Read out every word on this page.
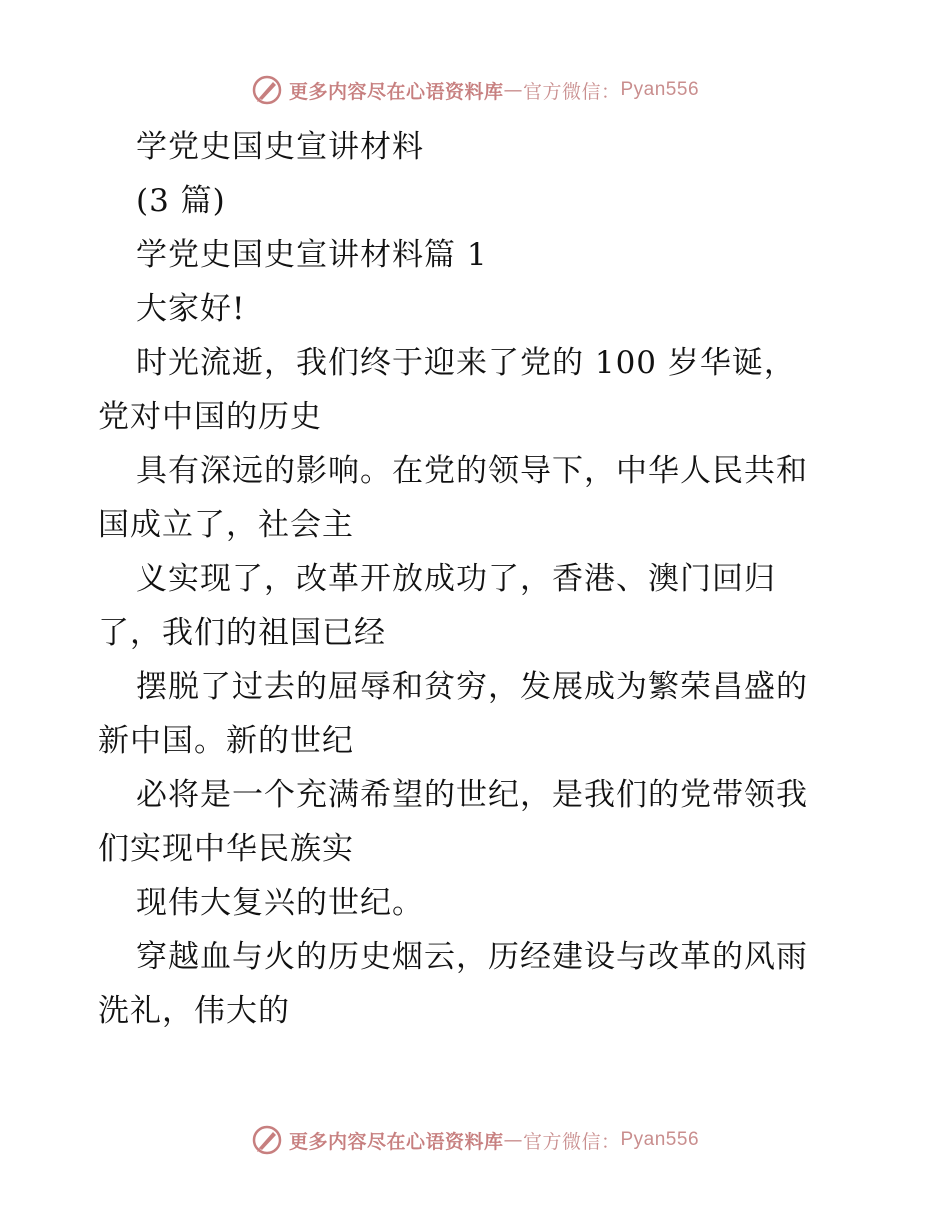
更多内容尽在心语资料库 — 官方微信： Pyan556
学党史国史宣讲材料
(3 篇)
学党史国史宣讲材料篇 1
大家好!
时光流逝，我们终于迎来了党的 100 岁华诞，
党对中国的历史
具有深远的影响。在党的领导下，中华人民共和
国成立了，社会主
义实现了，改革开放成功了，香港、澳门回归
了，我们的祖国已经
摆脱了过去的屈辱和贫穷，发展成为繁荣昌盛的
新中国。新的世纪
必将是一个充满希望的世纪，是我们的党带领我
们实现中华民族实
现伟大复兴的世纪。
穿越血与火的历史烟云，历经建设与改革的风雨
洗礼，伟大的
更多内容尽在心语资料库 — 官方微信： Pyan556
